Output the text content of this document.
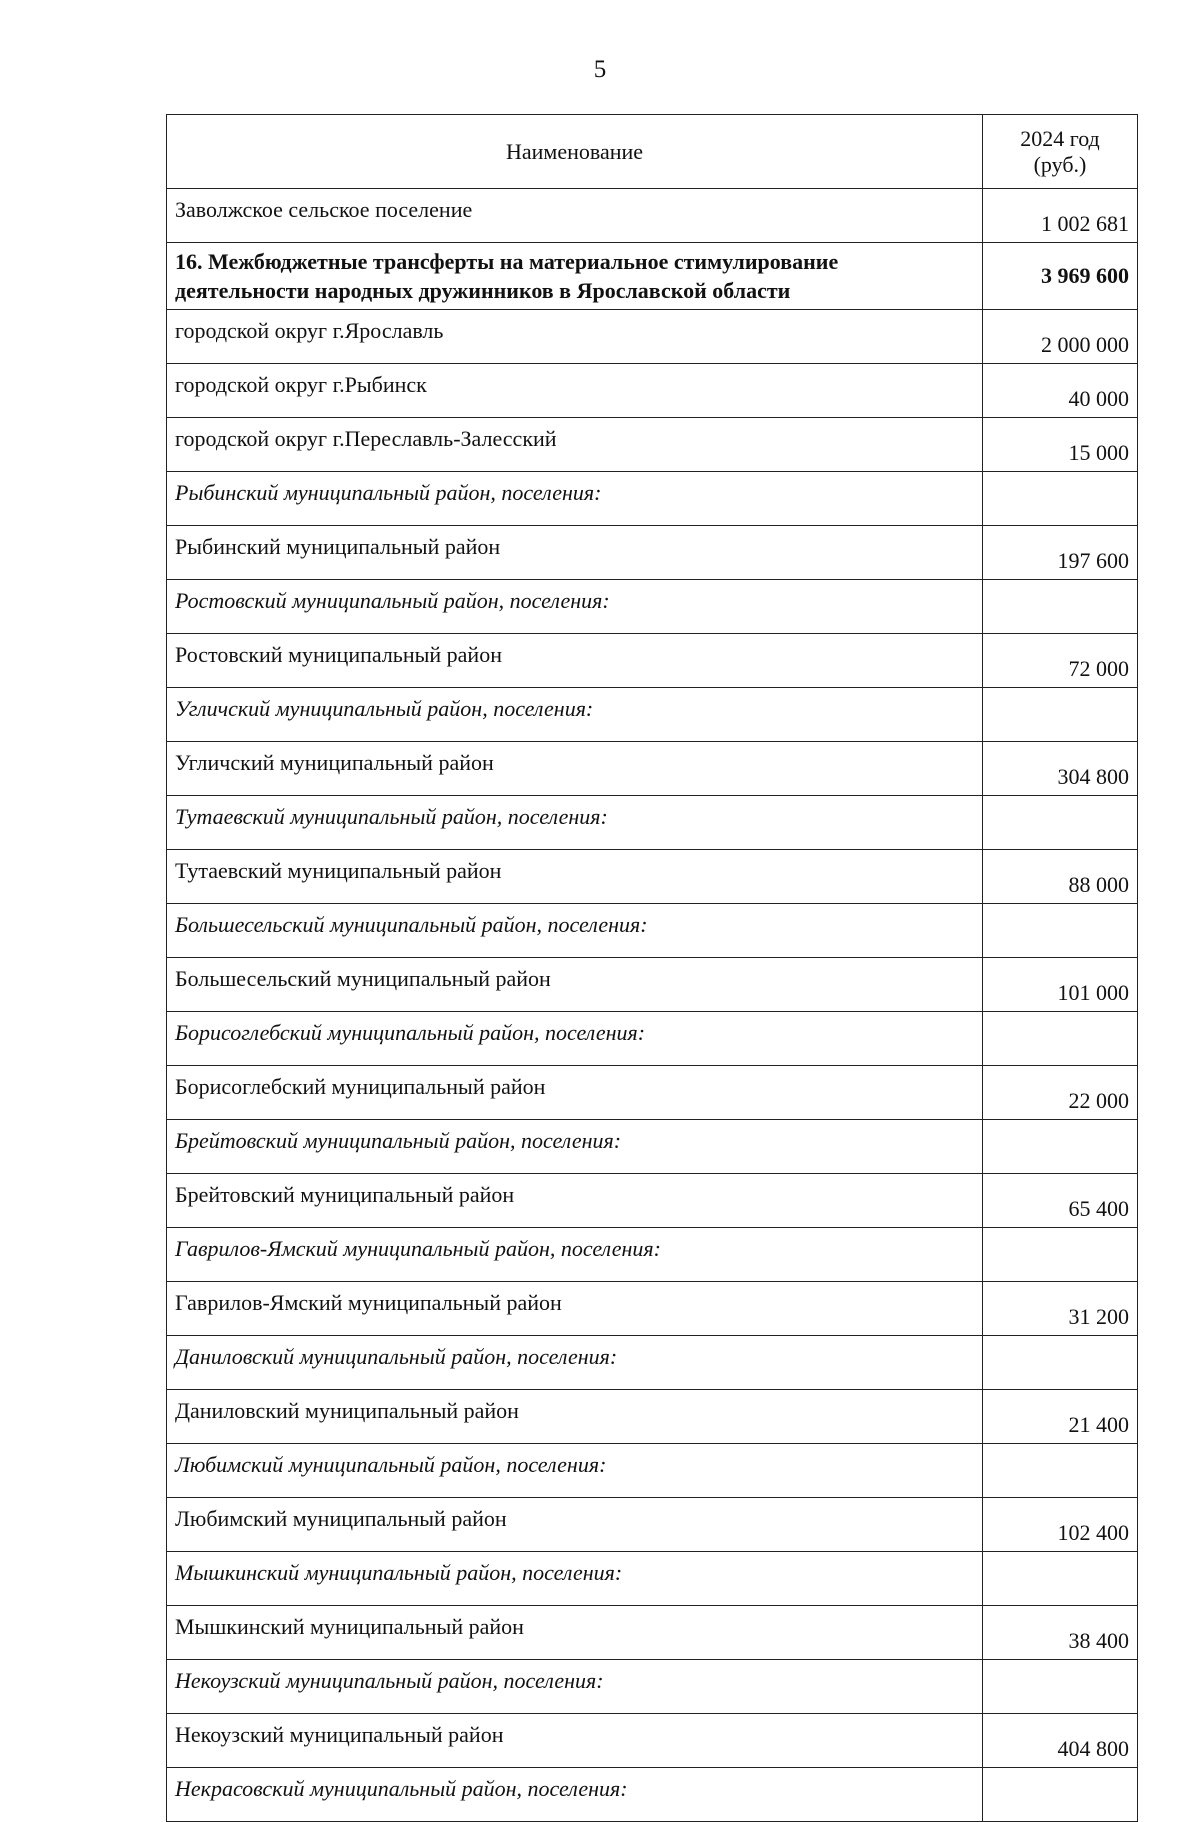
5
Наименование	2024 год
(руб.)

Заволжское сельское поселение	1 002 681
16. Межбюджетные трансферты на материальное стимулирование деятельности народных дружинников в Ярославской области	3 969 600
городской округ г.Ярославль	2 000 000
городской округ г.Рыбинск	40 000
городской округ г.Переславль-Залесский	15 000
Рыбинский муниципальный район, поселения:	
Рыбинский муниципальный район	197 600
Ростовский муниципальный район, поселения:	
Ростовский муниципальный район	72 000
Угличский муниципальный район, поселения:	
Угличский муниципальный район	304 800
Тутаевский муниципальный район, поселения:	
Тутаевский муниципальный район	88 000
Большесельский муниципальный район, поселения:	
Большесельский муниципальный район	101 000
Борисоглебский муниципальный район, поселения:	
Борисоглебский муниципальный район	22 000
Брейтовский муниципальный район, поселения:	
Брейтовский муниципальный район	65 400
Гаврилов-Ямский муниципальный район, поселения:	
Гаврилов-Ямский муниципальный район	31 200
Даниловский муниципальный район, поселения:	
Даниловский муниципальный район	21 400
Любимский муниципальный район, поселения:	
Любимский муниципальный район	102 400
Мышкинский муниципальный район, поселения:	
Мышкинский муниципальный район	38 400
Некоузский муниципальный район, поселения:	
Некоузский муниципальный район	404 800
Некрасовский муниципальный район, поселения:	
